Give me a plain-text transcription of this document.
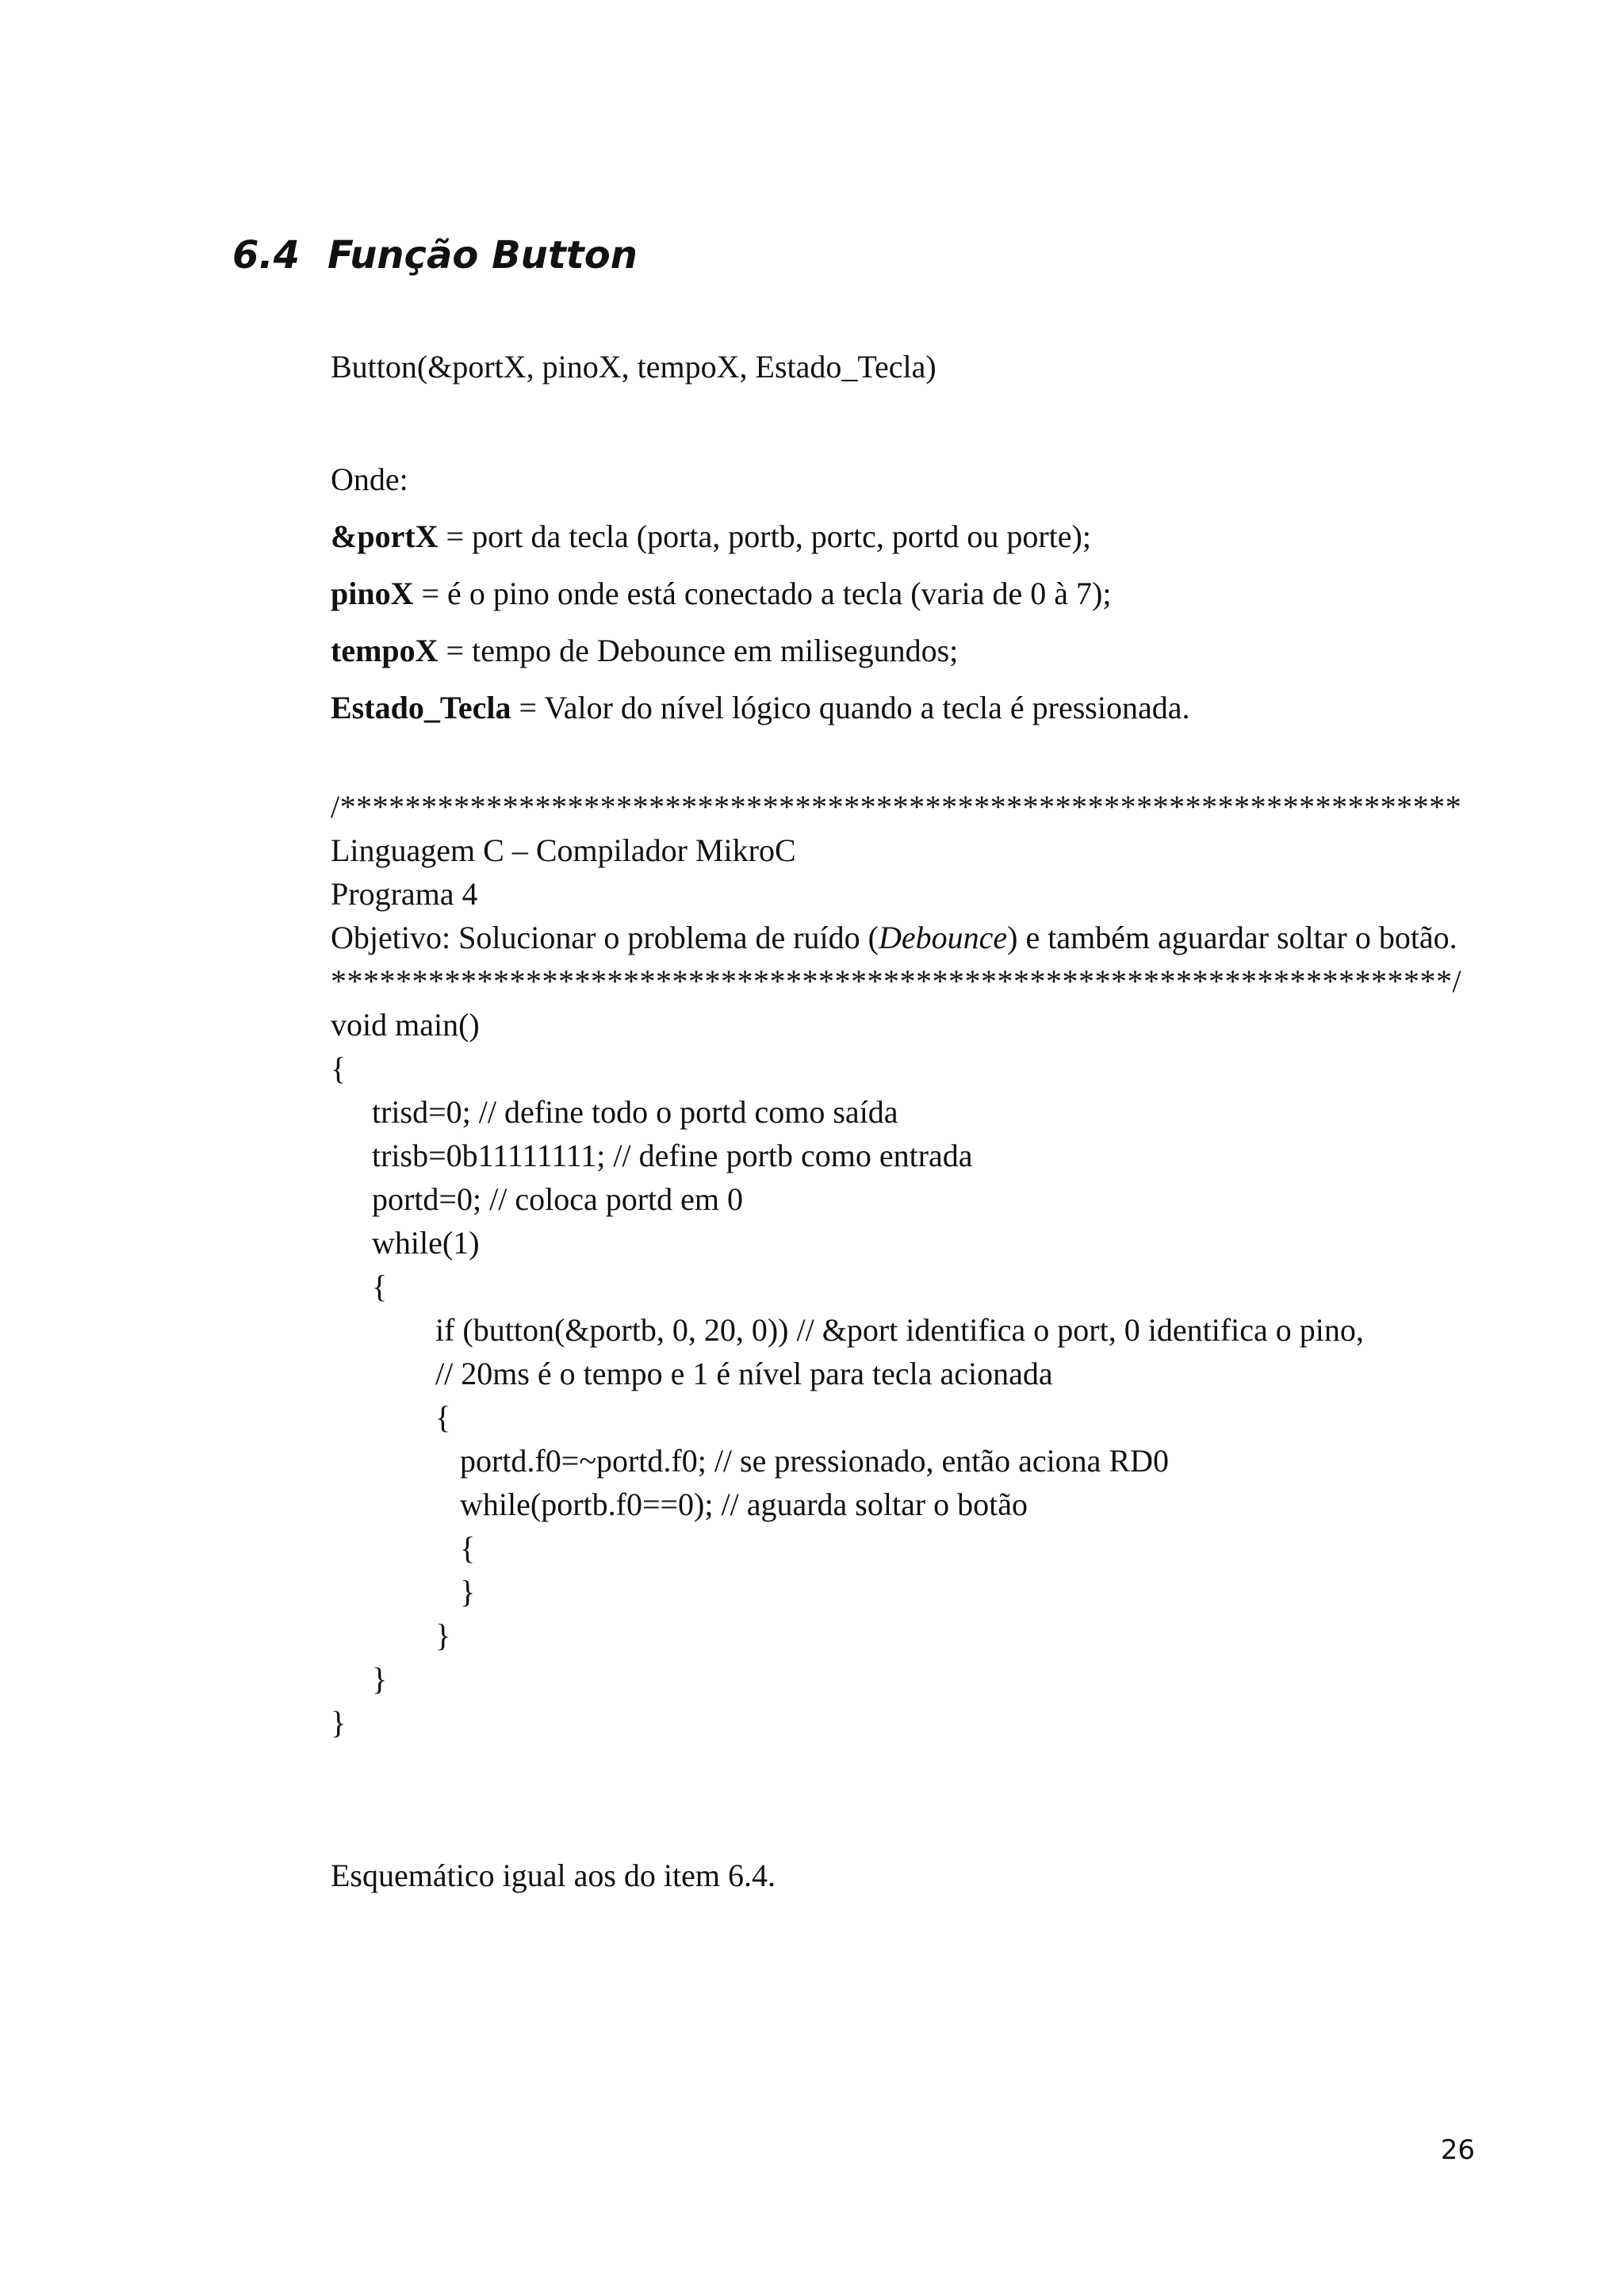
6.4 Função Button

Button(&portX, pinoX, tempoX, Estado_Tecla)

Onde:
&portX = port da tecla (porta, portb, portc, portd ou porte);
pinoX = é o pino onde está conectado a tecla (varia de 0 à 7);
tempoX = tempo de Debounce em milisegundos;
Estado_Tecla = Valor do nível lógico quando a tecla é pressionada.
/*********************************************************************
Linguagem C – Compilador MikroC
Programa 4
Objetivo: Solucionar o problema de ruído (Debounce) e também aguardar soltar o botão.
*********************************************************************/
void main()
{
trisd=0; // define todo o portd como saída
trisb=0b11111111; // define portb como entrada
portd=0; // coloca portd em 0
while(1)
{
if (button(&portb, 0, 20, 0)) // &port identifica o port, 0 identifica o pino,
// 20ms é o tempo e 1 é nível para tecla acionada
{
portd.f0=~portd.f0; // se pressionado, então aciona RD0
while(portb.f0==0); // aguarda soltar o botão
{
}
}
}
}

Esquemático igual aos do item 6.4.

26
